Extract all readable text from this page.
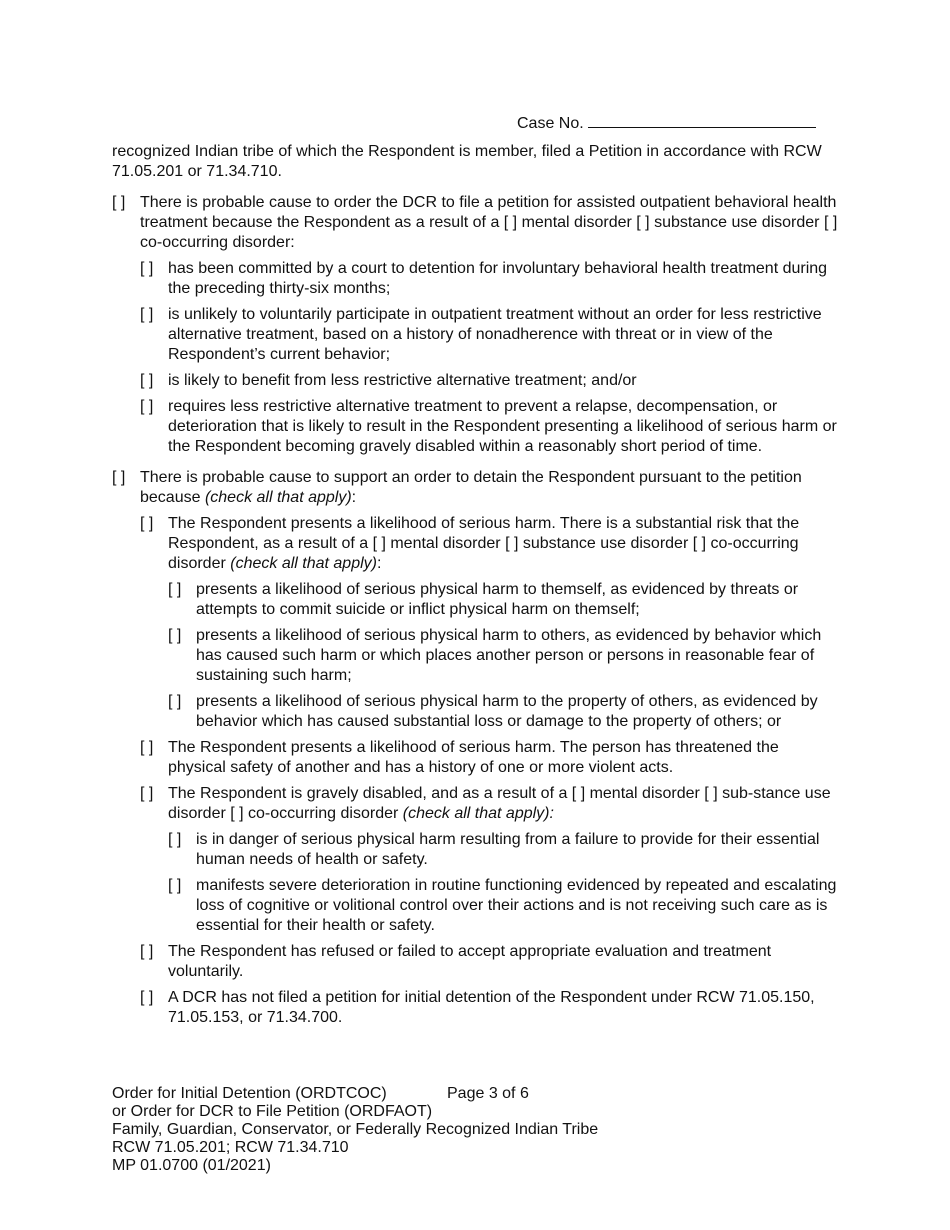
Case No.

recognized Indian tribe of which the Respondent is member, filed a Petition in accordance with RCW 71.05.201 or 71.34.710.

[ ] There is probable cause to order the DCR to file a petition for assisted outpatient behavioral health treatment because the Respondent as a result of a [ ] mental disorder [ ] substance use disorder [ ] co-occurring disorder:
[ ] has been committed by a court to detention for involuntary behavioral health treatment during the preceding thirty-six months;
[ ] is unlikely to voluntarily participate in outpatient treatment without an order for less restrictive alternative treatment, based on a history of nonadherence with threat or in view of the Respondent’s current behavior;
[ ] is likely to benefit from less restrictive alternative treatment; and/or
[ ] requires less restrictive alternative treatment to prevent a relapse, decompensation, or deterioration that is likely to result in the Respondent presenting a likelihood of serious harm or the Respondent becoming gravely disabled within a reasonably short period of time.
[ ] There is probable cause to support an order to detain the Respondent pursuant to the petition because (check all that apply):
[ ] The Respondent presents a likelihood of serious harm. There is a substantial risk that the Respondent, as a result of a [ ] mental disorder [ ] substance use disorder [ ] co-occurring disorder (check all that apply):
[ ] presents a likelihood of serious physical harm to themself, as evidenced by threats or attempts to commit suicide or inflict physical harm on themself;
[ ] presents a likelihood of serious physical harm to others, as evidenced by behavior which has caused such harm or which places another person or persons in reasonable fear of sustaining such harm;
[ ] presents a likelihood of serious physical harm to the property of others, as evidenced by behavior which has caused substantial loss or damage to the property of others; or
[ ] The Respondent presents a likelihood of serious harm. The person has threatened the physical safety of another and has a history of one or more violent acts.
[ ] The Respondent is gravely disabled, and as a result of a [ ] mental disorder [ ] sub-stance use disorder [ ] co-occurring disorder (check all that apply):
[ ] is in danger of serious physical harm resulting from a failure to provide for their essential human needs of health or safety.
[ ] manifests severe deterioration in routine functioning evidenced by repeated and escalating loss of cognitive or volitional control over their actions and is not receiving such care as is essential for their health or safety.
[ ] The Respondent has refused or failed to accept appropriate evaluation and treatment voluntarily.
[ ] A DCR has not filed a petition for initial detention of the Respondent under RCW 71.05.150, 71.05.153, or 71.34.700.
Order for Initial Detention (ORDTCOC)	Page 3 of 6
or Order for DCR to File Petition (ORDFAOT)
Family, Guardian, Conservator, or Federally Recognized Indian Tribe
RCW 71.05.201; RCW 71.34.710
MP 01.0700 (01/2021)
